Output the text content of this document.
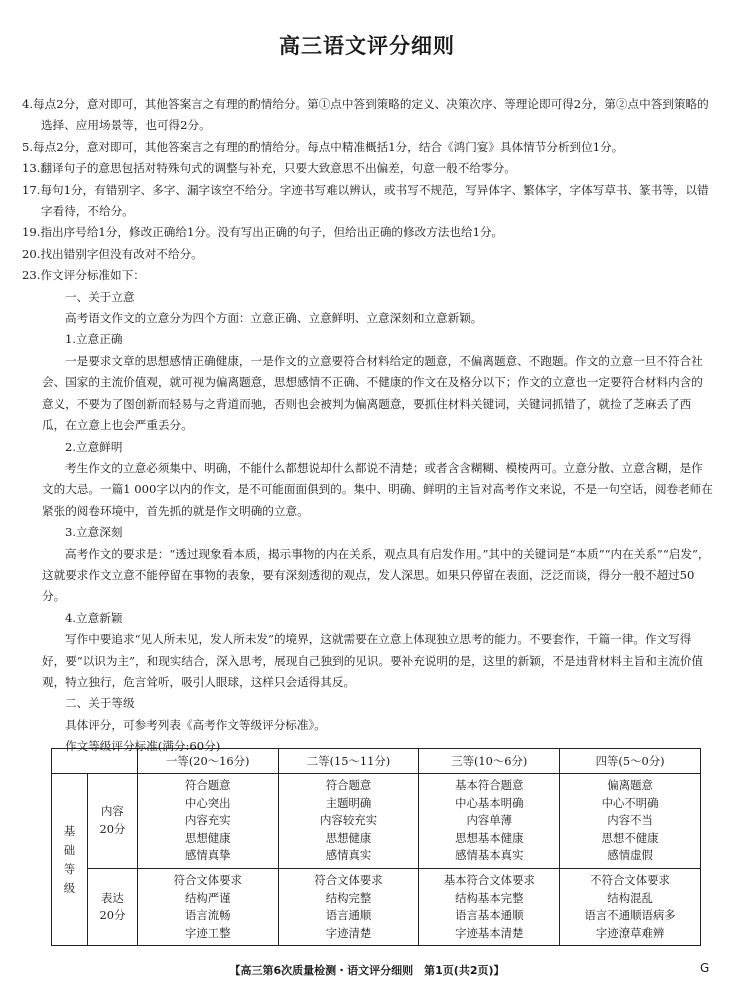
高三语文评分细则

4.每点2分，意对即可，其他答案言之有理的酌情给分。第①点中答到策略的定义、决策次序、等理论即可得2分，第②点中答到策略的选择、应用场景等，也可得2分。

5.每点2分，意对即可，其他答案言之有理的酌情给分。每点中精准概括1分，结合《鸿门宴》具体情节分析到位1分。

13.翻译句子的意思包括对特殊句式的调整与补充，只要大致意思不出偏差，句意一般不给零分。

17.每句1分，有错别字、多字、漏字该空不给分。字迹书写难以辨认，或书写不规范，写异体字、繁体字，字体写草书、篆书等，以错字看待，不给分。

19.指出序号给1分，修改正确给1分。没有写出正确的句子，但给出正确的修改方法也给1分。

20.找出错别字但没有改对不给分。

23.作文评分标准如下：

一、关于立意

高考语文作文的立意分为四个方面：立意正确、立意鲜明、立意深刻和立意新颖。

1.立意正确

一是要求文章的思想感情正确健康，一是作文的立意要符合材料给定的题意，不偏离题意、不跑题。作文的立意一旦不符合社会、国家的主流价值观，就可视为偏离题意，思想感情不正确、不健康的作文在及格分以下；作文的立意也一定要符合材料内含的意义，不要为了图创新而轻易与之背道而驰，否则也会被判为偏离题意，要抓住材料关键词，关键词抓错了，就捡了芝麻丢了西瓜，在立意上也会严重丢分。

2.立意鲜明

考生作文的立意必须集中、明确，不能什么都想说却什么都说不清楚；或者含含糊糊、模棱两可。立意分散、立意含糊，是作文的大忌。一篇1 000字以内的作文，是不可能面面俱到的。集中、明确、鲜明的主旨对高考作文来说，不是一句空话，阅卷老师在紧张的阅卷环境中，首先抓的就是作文明确的立意。

3.立意深刻

高考作文的要求是：“透过现象看本质，揭示事物的内在关系，观点具有启发作用。”其中的关键词是“本质”“内在关系”“启发”，这就要求作文立意不能停留在事物的表象，要有深刻透彻的观点，发人深思。如果只停留在表面，泛泛而谈，得分一般不超过50分。

4.立意新颖

写作中要追求“见人所未见，发人所未发”的境界，这就需要在立意上体现独立思考的能力。不要套作，千篇一律。作文写得好，要“以识为主”，和现实结合，深入思考，展现自己独到的见识。要补充说明的是，这里的新颖，不是违背材料主旨和主流价值观，特立独行，危言耸听，吸引人眼球，这样只会适得其反。

二、关于等级

具体评分，可参考列表《高考作文等级评分标准》。

作文等级评分标准(满分:60分)

		一等(20～16分)	二等(15～11分)	三等(10～6分)	四等(5～0分)
基
础
等
级	内容
20分	符合题意
中心突出
内容充实
思想健康
感情真挚	符合题意
主题明确
内容较充实
思想健康
感情真实	基本符合题意
中心基本明确
内容单薄
思想基本健康
感情基本真实	偏离题意
中心不明确
内容不当
思想不健康
感情虚假
	表达
20分	符合文体要求
结构严谨
语言流畅
字迹工整	符合文体要求
结构完整
语言通顺
字迹清楚	基本符合文体要求
结构基本完整
语言基本通顺
字迹基本清楚	不符合文体要求
结构混乱
语言不通顺语病多
字迹潦草难辨
【高三第6次质量检测・语文评分细则　第1页(共2页)】	G
